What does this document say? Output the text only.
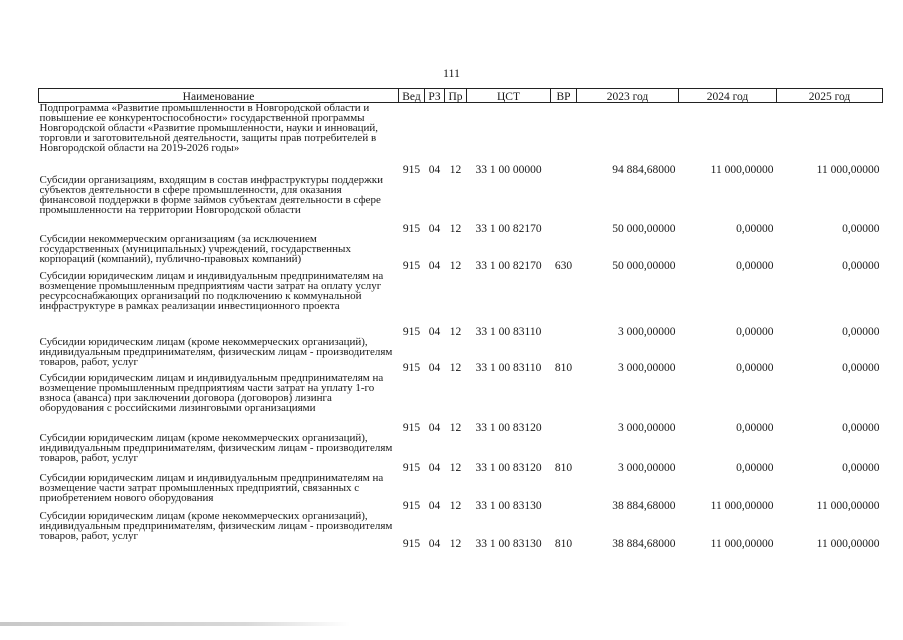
111
Наименование	Вед	РЗ	Пр	ЦСТ	ВР	2023 год	2024 год	2025 год
Подпрограмма «Развитие промышленности в Новгородской области и повышение ее конкурентоспособности» государственной программы Новгородской области «Развитие промышленности, науки и инноваций, торговли и заготовительной деятельности, защиты прав потребителей в Новгородской области на 2019-2026 годы»	915	04	12	33 1 00 00000		94 884,68000	11 000,00000	11 000,00000
Субсидии организациям, входящим в состав инфраструктуры поддержки субъектов деятельности в сфере промышленности, для оказания финансовой поддержки в форме займов субъектам деятельности в сфере промышленности на территории Новгородской области	915	04	12	33 1 00 82170		50 000,00000	0,00000	0,00000
Субсидии некоммерческим организациям (за исключением государственных (муниципальных) учреждений, государственных корпораций (компаний), публично-правовых компаний)	915	04	12	33 1 00 82170	630	50 000,00000	0,00000	0,00000
Субсидии юридическим лицам и индивидуальным предпринимателям на возмещение промышленным предприятиям части затрат на оплату услуг ресурсоснабжающих организаций по подключению к коммунальной инфраструктуре в рамках реализации инвестиционного проекта	915	04	12	33 1 00 83110		3 000,00000	0,00000	0,00000
Субсидии юридическим лицам (кроме некоммерческих организаций), индивидуальным предпринимателям, физическим лицам - производителям товаров, работ, услуг	915	04	12	33 1 00 83110	810	3 000,00000	0,00000	0,00000
Субсидии юридическим лицам и индивидуальным предпринимателям на возмещение промышленным предприятиям части затрат на уплату 1-го взноса (аванса) при заключении договора (договоров) лизинга оборудования с российскими лизинговыми организациями	915	04	12	33 1 00 83120		3 000,00000	0,00000	0,00000
Субсидии юридическим лицам (кроме некоммерческих организаций), индивидуальным предпринимателям, физическим лицам - производителям товаров, работ, услуг	915	04	12	33 1 00 83120	810	3 000,00000	0,00000	0,00000
Субсидии юридическим лицам и индивидуальным предпринимателям на возмещение части затрат промышленных предприятий, связанных с приобретением нового оборудования	915	04	12	33 1 00 83130		38 884,68000	11 000,00000	11 000,00000
Субсидии юридическим лицам (кроме некоммерческих организаций), индивидуальным предпринимателям, физическим лицам - производителям товаров, работ, услуг	915	04	12	33 1 00 83130	810	38 884,68000	11 000,00000	11 000,00000
